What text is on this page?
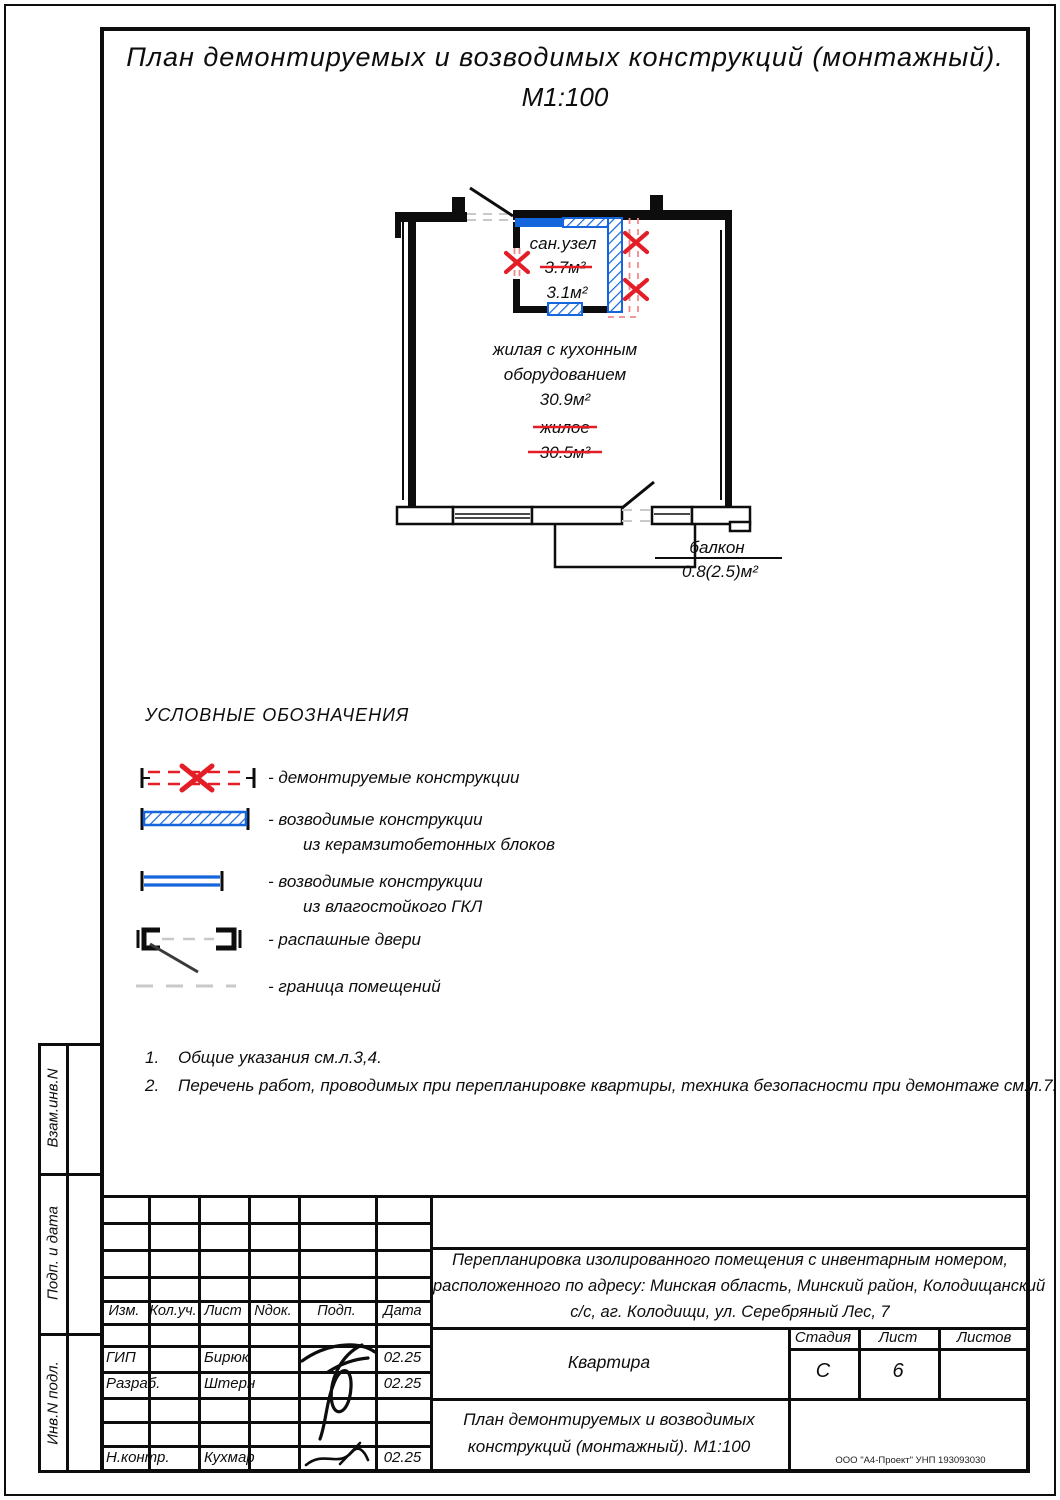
План демонтируемых и возводимых конструкций (монтажный).
М1:100
сан.узел
3.7м²
3.1м²
жилая с кухонным
оборудованием
30.9м²
жилое
30.5м²
балкон
0.8(2.5)м²
УСЛОВНЫЕ ОБОЗНАЧЕНИЯ
- демонтируемые конструкции
- возводимые конструкции
из керамзитобетонных блоков
- возводимые конструкции
из влагостойкого ГКЛ
- распашные двери
- граница помещений
1.	Общие указания см.л.3,4.
2.	Перечень работ, проводимых при перепланировке квартиры, техника безопасности при демонтаже см.л.7.
Взам.инв.N
Подп. и дата
Инв.N подл.
Изм. Кол.уч. Лист Nдок.	Подп.	Дата
ГИП	Бирюк	02.25
Разраб.	Штерн	02.25
Н.контр. Кухмар	02.25
Перепланировка изолированного помещения с инвентарным номером,
расположенного по адресу: Минская область, Минский район, Колодищанский
с/с, аг. Колодищи, ул. Серебряный Лес, 7
Квартира
Стадия	Лист	Листов
С	6
План демонтируемых и возводимых
конструкций (монтажный). М1:100
ООО "А4-Проект" УНП 193093030
